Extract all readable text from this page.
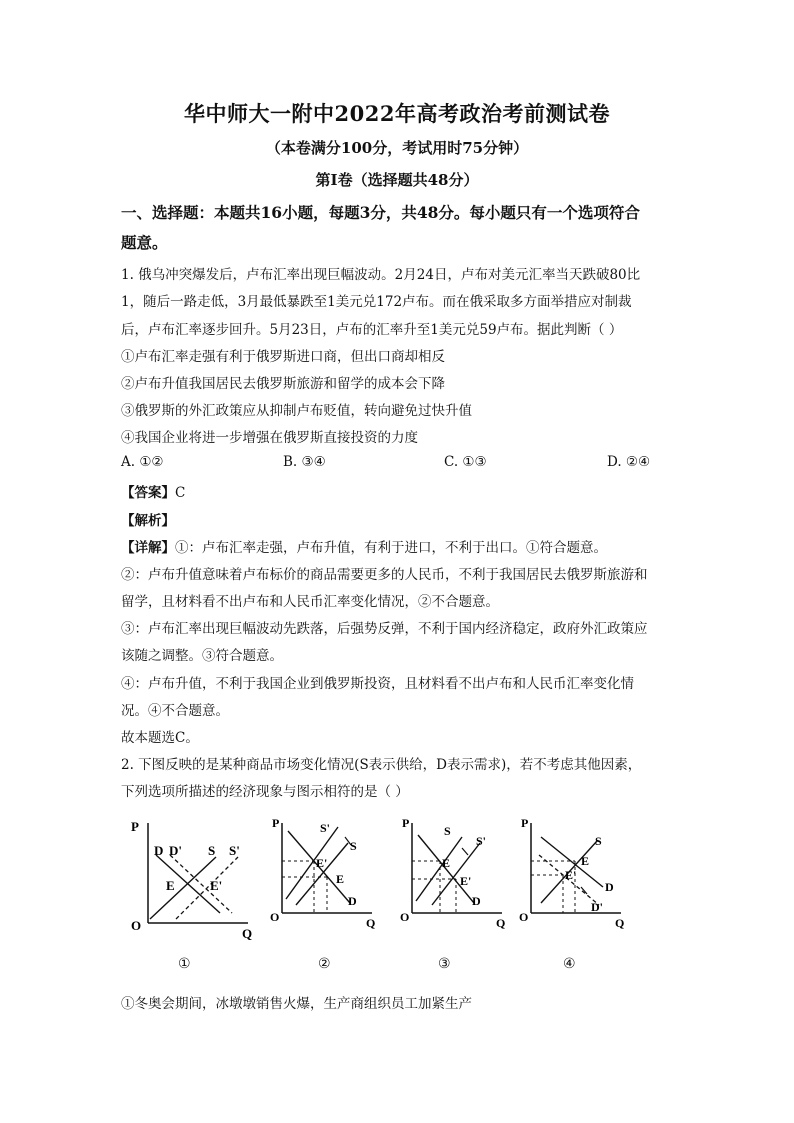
华中师大一附中2022年高考政治考前测试卷
（本卷满分100分，考试用时75分钟）
第Ⅰ卷（选择题共48分）
一、选择题：本题共16小题，每题3分，共48分。每小题只有一个选项符合
题意。
1. 俄乌冲突爆发后，卢布汇率出现巨幅波动。2月24日，卢布对美元汇率当天跌破80比
1，随后一路走低，3月最低暴跌至1美元兑172卢布。而在俄采取多方面举措应对制裁
后，卢布汇率逐步回升。5月23日，卢布的汇率升至1美元兑59卢布。据此判断（ ）
①卢布汇率走强有利于俄罗斯进口商，但出口商却相反
②卢布升值我国居民去俄罗斯旅游和留学的成本会下降
③俄罗斯的外汇政策应从抑制卢布贬值，转向避免过快升值
④我国企业将进一步增强在俄罗斯直接投资的力度
A. ①②	B. ③④	C. ①③	D. ②④
【答案】C
【解析】
【详解】①：卢布汇率走强，卢布升值，有利于进口，不利于出口。①符合题意。
②：卢布升值意味着卢布标价的商品需要更多的人民币，不利于我国居民去俄罗斯旅游和
留学，且材料看不出卢布和人民币汇率变化情况，②不合题意。
③：卢布汇率出现巨幅波动先跌落，后强势反弹，不利于国内经济稳定，政府外汇政策应
该随之调整。③符合题意。
④：卢布升值，不利于我国企业到俄罗斯投资，且材料看不出卢布和人民币汇率变化情
况。④不合题意。
故本题选C。
2. 下图反映的是某种商品市场变化情况(S表示供给，D表示需求)，若不考虑其他因素，
下列选项所描述的经济现象与图示相符的是（ ）
P
Q
O
D D' S S'
E	E'
P
Q
O
S'
S
E'
E
D
P
Q
O
S
S'
E
E'
D
P
Q
O
S
E
E'
D
D'
①	②	③	④
①冬奥会期间，冰墩墩销售火爆，生产商组织员工加紧生产
